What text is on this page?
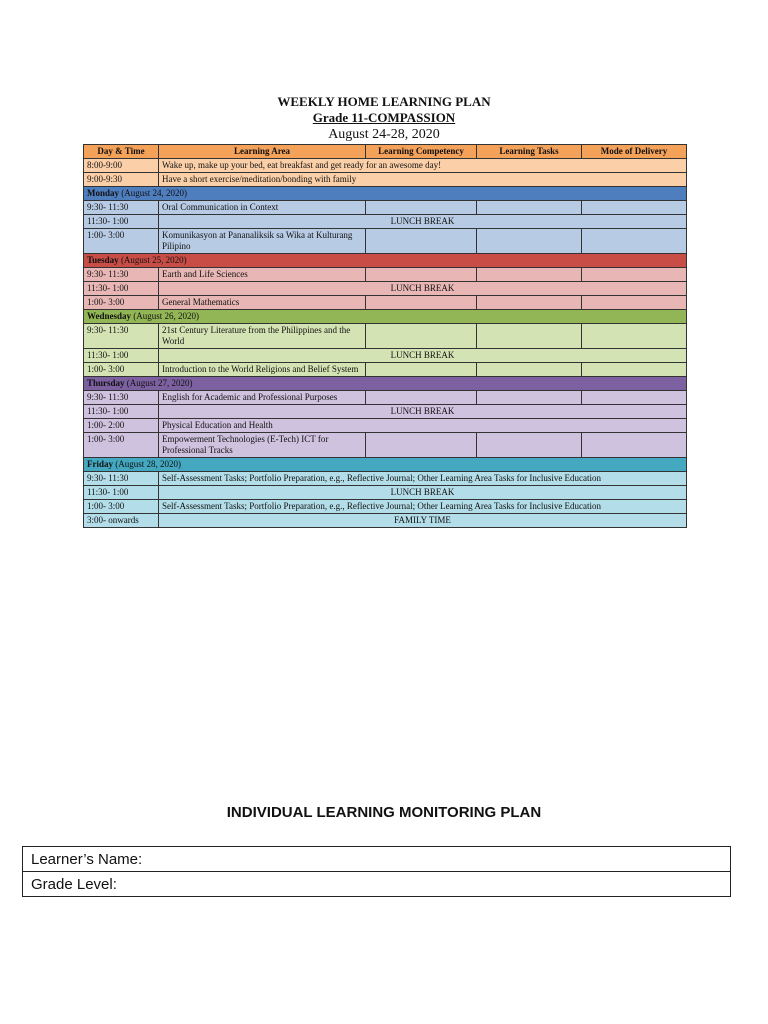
WEEKLY HOME LEARNING PLAN
Grade 11-COMPASSION
August 24-28, 2020
Day & Time	Learning Area	Learning Competency	Learning Tasks	Mode of Delivery
8:00-9:00	Wake up, make up your bed, eat breakfast and get ready for an awesome day!			
9:00-9:30	Have a short exercise/meditation/bonding with family			
Monday (August 24, 2020)				
9:30- 11:30	Oral Communication in Context			
11:30- 1:00	LUNCH BREAK			
1:00- 3:00	Komunikasyon at Pananaliksik sa Wika at Kulturang Pilipino			
Tuesday (August 25, 2020)				
9:30- 11:30	Earth and Life Sciences			
11:30- 1:00	LUNCH BREAK			
1:00- 3:00	General Mathematics			
Wednesday (August 26, 2020)				
9:30- 11:30	21st Century Literature from the Philippines and the World			
11:30- 1:00	LUNCH BREAK			
1:00- 3:00	Introduction to the World Religions and Belief System			
Thursday (August 27, 2020)				
9:30- 11:30	English for Academic and Professional Purposes			
11:30- 1:00	LUNCH BREAK			
1:00- 2:00	Physical Education and Health			
1:00- 3:00	Empowerment Technologies (E-Tech) ICT for Professional Tracks			
Friday (August 28, 2020)				
9:30- 11:30	Self-Assessment Tasks; Portfolio Preparation, e.g., Reflective Journal; Other Learning Area Tasks for Inclusive Education			
11:30- 1:00	LUNCH BREAK			
1:00- 3:00	Self-Assessment Tasks; Portfolio Preparation, e.g., Reflective Journal; Other Learning Area Tasks for Inclusive Education			
3:00- onwards	FAMILY TIME			
INDIVIDUAL LEARNING MONITORING PLAN
Learner’s Name:
Grade Level:
